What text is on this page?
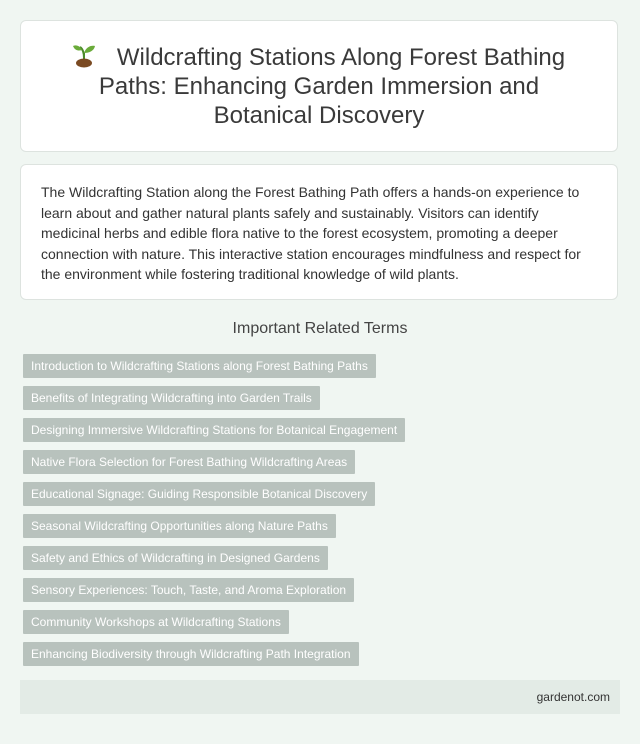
Wildcrafting Stations Along Forest Bathing Paths: Enhancing Garden Immersion and Botanical Discovery

The Wildcrafting Station along the Forest Bathing Path offers a hands-on experience to learn about and gather natural plants safely and sustainably. Visitors can identify medicinal herbs and edible flora native to the forest ecosystem, promoting a deeper connection with nature. This interactive station encourages mindfulness and respect for the environment while fostering traditional knowledge of wild plants.

Important Related Terms
Introduction to Wildcrafting Stations along Forest Bathing Paths
Benefits of Integrating Wildcrafting into Garden Trails
Designing Immersive Wildcrafting Stations for Botanical Engagement
Native Flora Selection for Forest Bathing Wildcrafting Areas
Educational Signage: Guiding Responsible Botanical Discovery
Seasonal Wildcrafting Opportunities along Nature Paths
Safety and Ethics of Wildcrafting in Designed Gardens
Sensory Experiences: Touch, Taste, and Aroma Exploration
Community Workshops at Wildcrafting Stations
Enhancing Biodiversity through Wildcrafting Path Integration
gardenot.com
